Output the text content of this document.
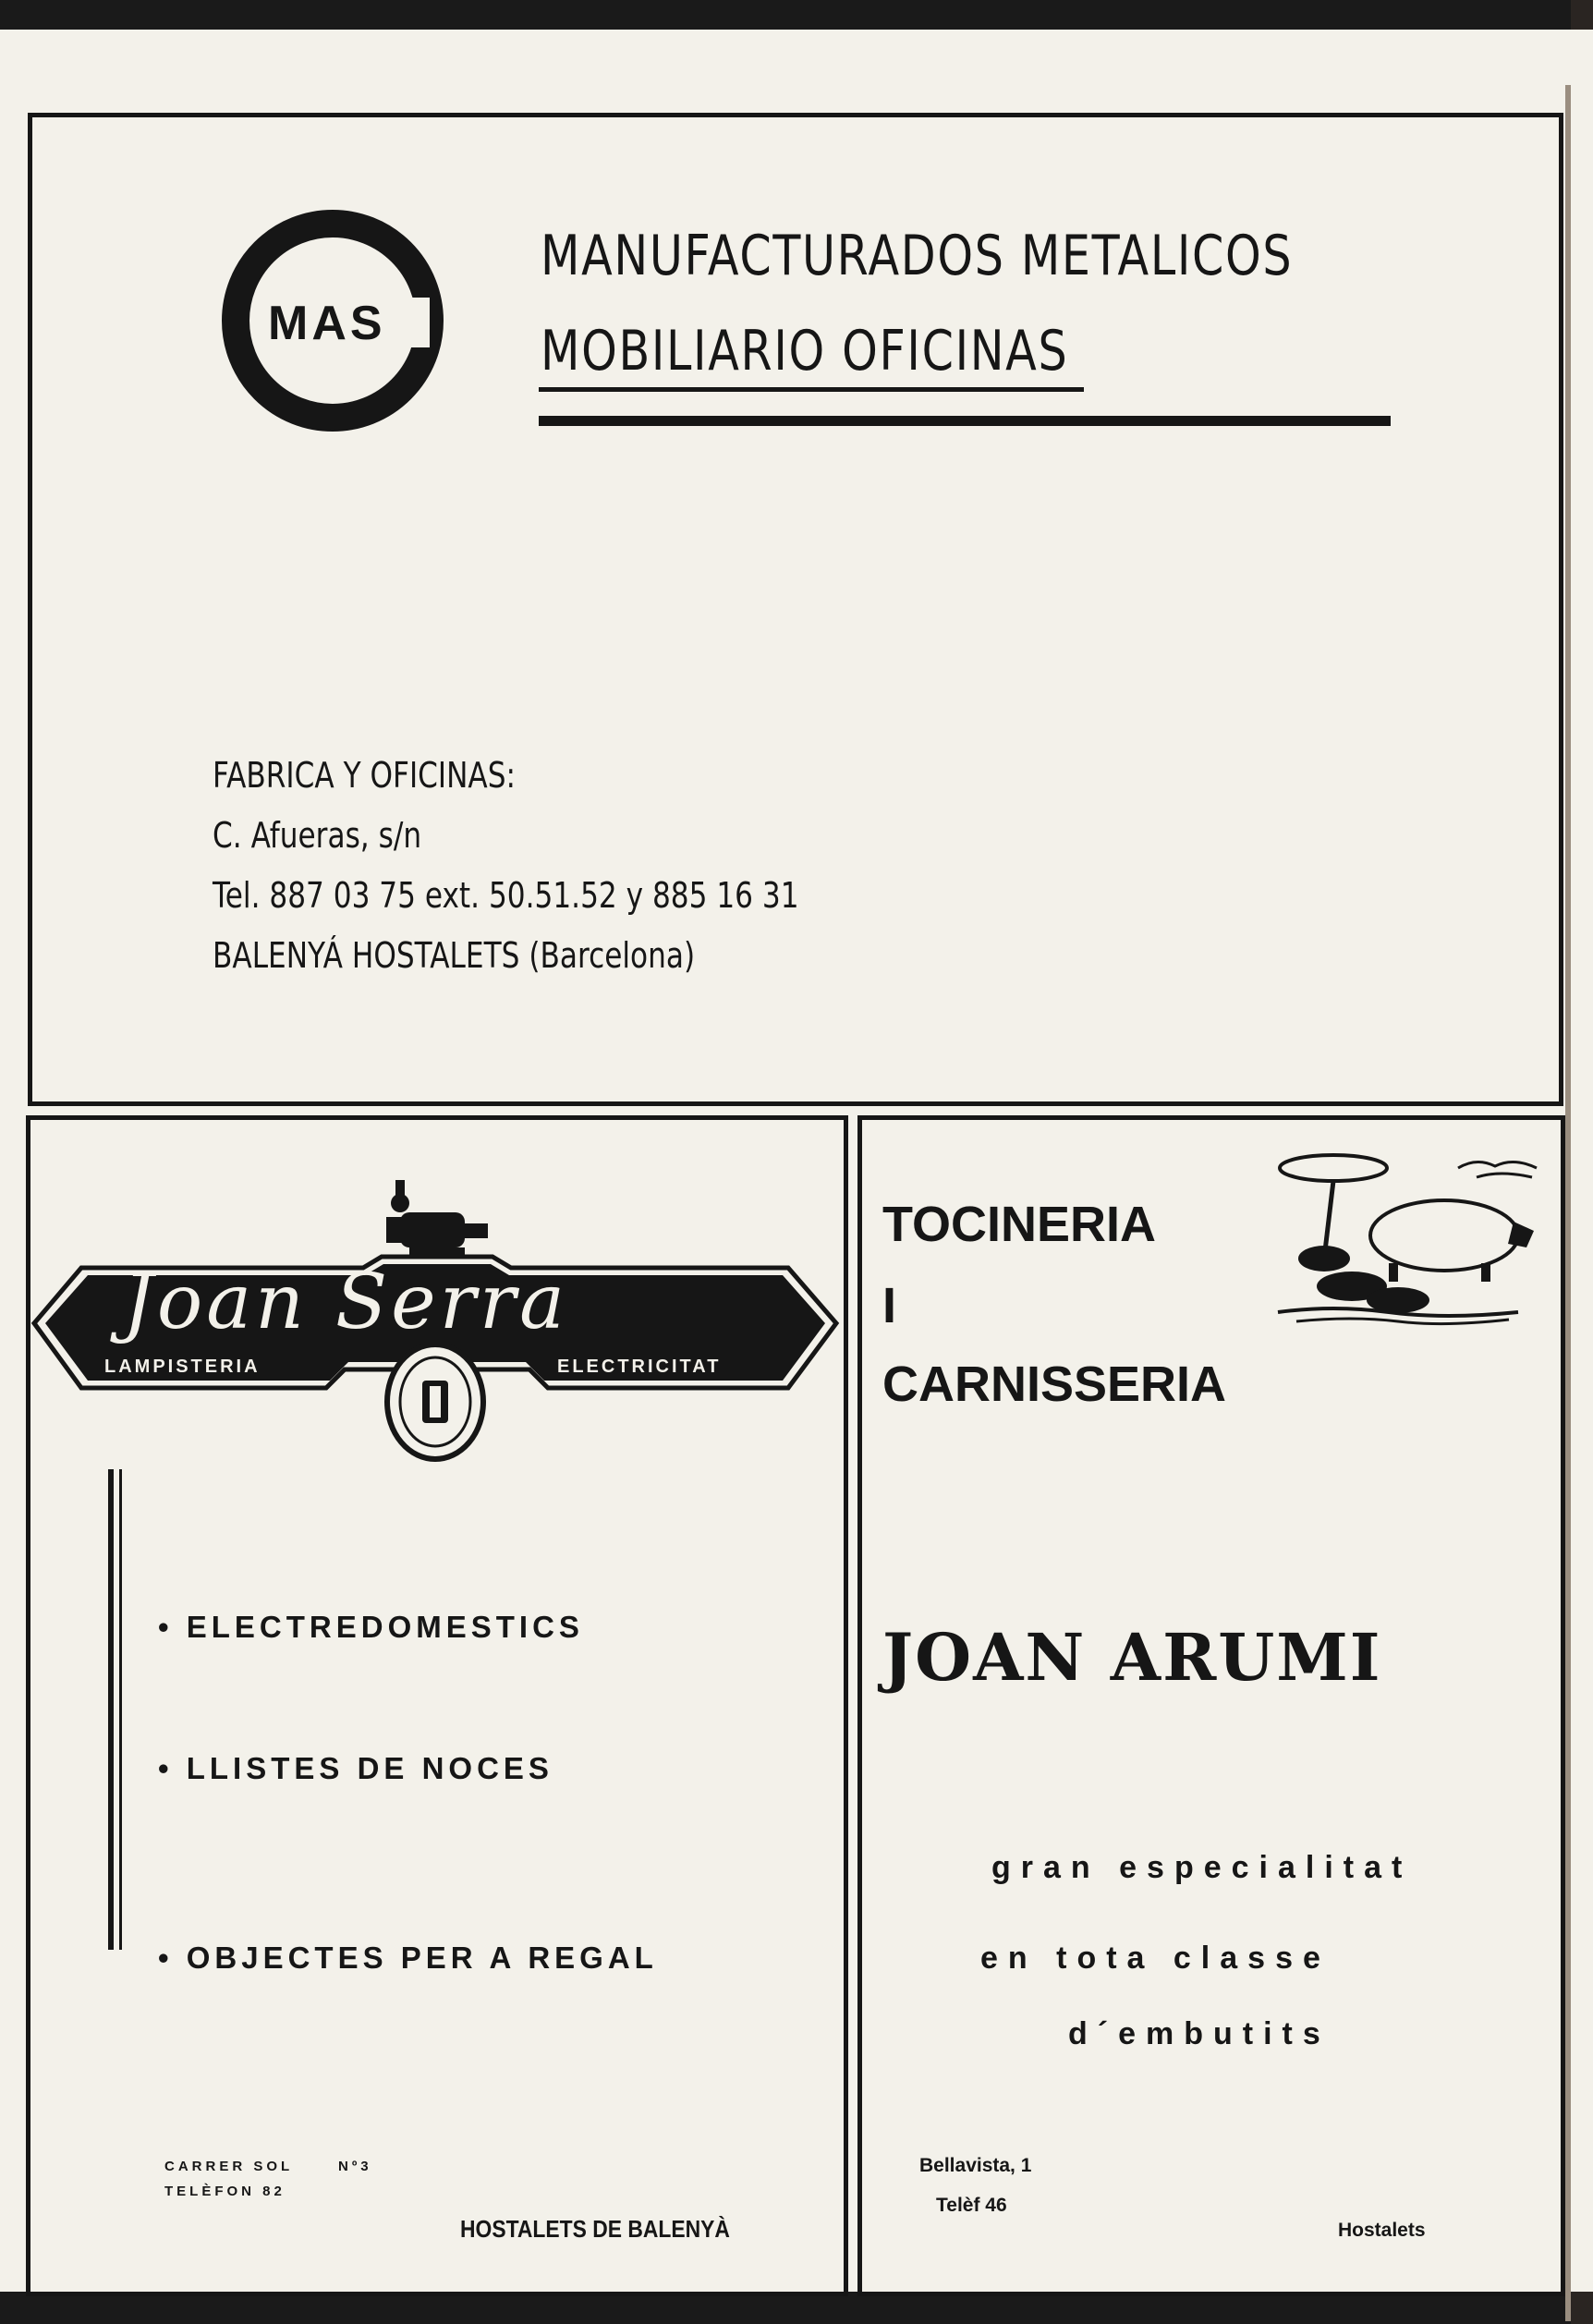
MAS
MANUFACTURADOS METALICOS
MOBILIARIO OFICINAS
FABRICA Y OFICINAS:
C. Afueras, s/n
Tel. 887 03 75 ext. 50.51.52 y 885 16 31
BALENYÁ HOSTALETS (Barcelona)
Joan Serra
LAMPISTERIA	ELECTRICITAT
• ELECTREDOMESTICS
• LLISTES DE NOCES
• OBJECTES PER A REGAL
CARRER SOL	Nº3
TELÈFON 82
HOSTALETS DE BALENYÀ
TOCINERIA
I
CARNISSERIA
JOAN ARUMI
gran especialitat
en tota classe
d´embutits
Bellavista, 1
Telèf 46
Hostalets
